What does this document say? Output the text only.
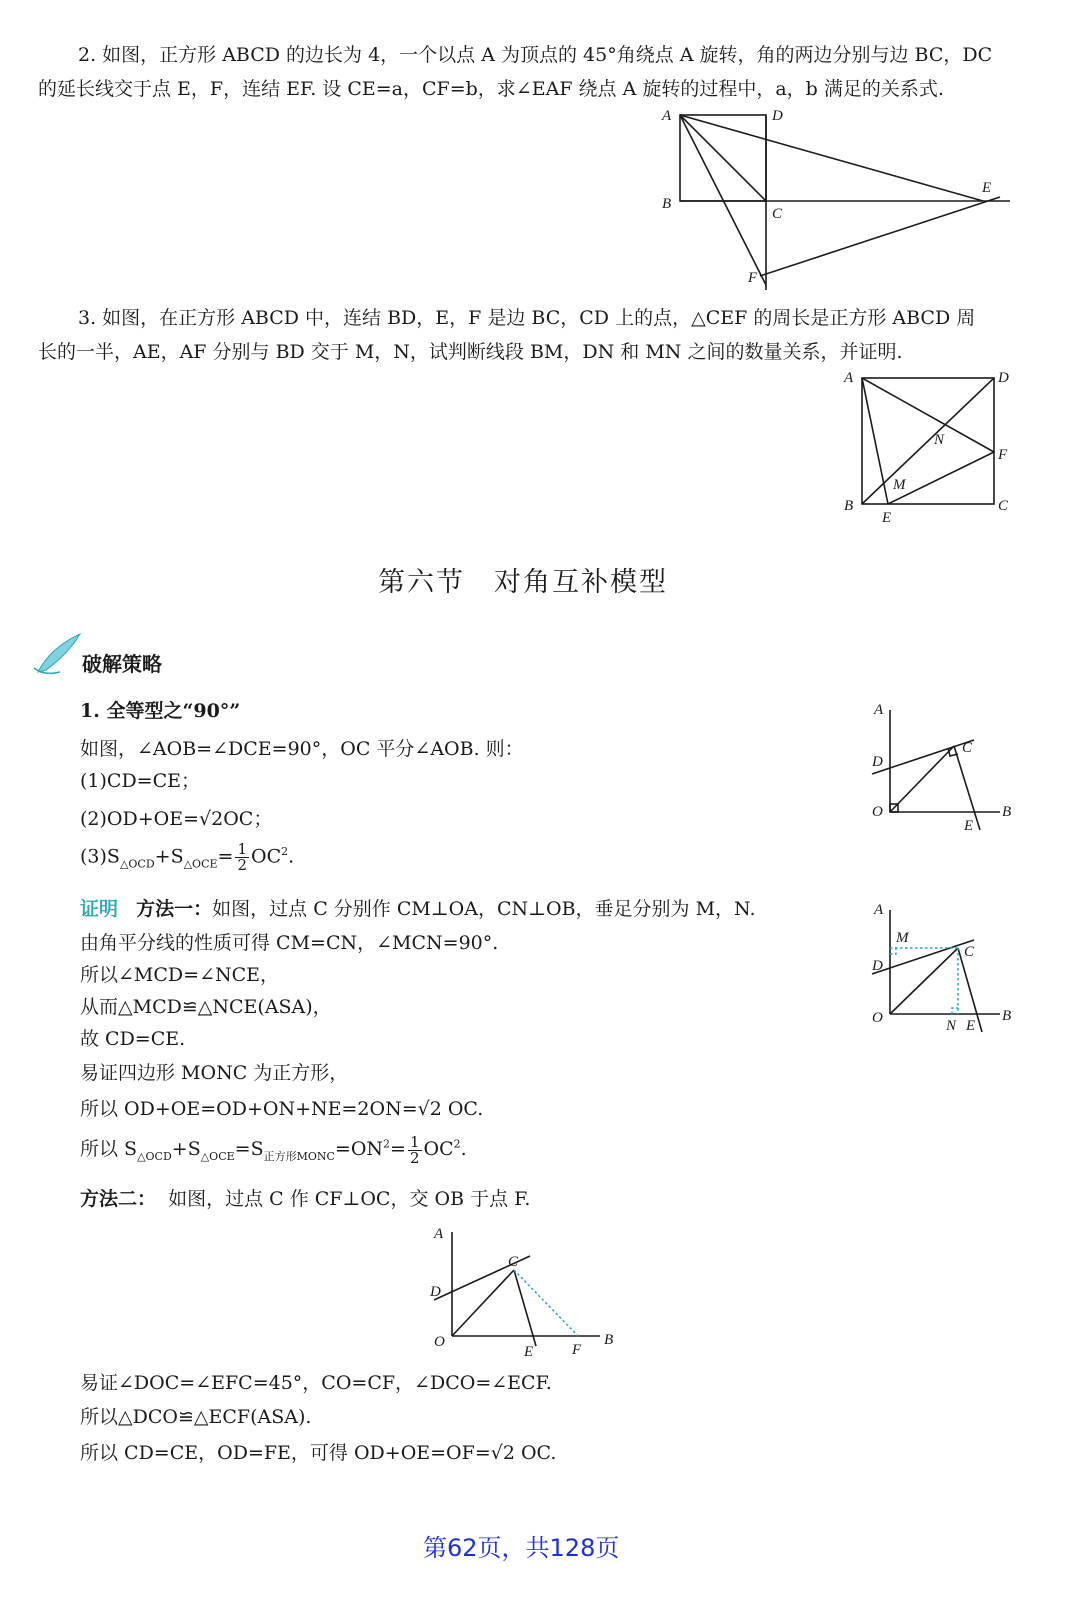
2. 如图，正方形 ABCD 的边长为 4，一个以点 A 为顶点的 45°角绕点 A 旋转，角的两边分别与边 BC，DC
的延长线交于点 E，F，连结 EF. 设 CE=a，CF=b，求∠EAF 绕点 A 旋转的过程中，a，b 满足的关系式.
A	D
B
C
E
F
3. 如图，在正方形 ABCD 中，连结 BD，E，F 是边 BC，CD 上的点，△CEF 的周长是正方形 ABCD 周
长的一半，AE，AF 分别与 BD 交于 M，N，试判断线段 BM，DN 和 MN 之间的数量关系，并证明.
A	D
B	C
E
F
M
N
第六节　对角互补模型
破解策略
1. 全等型之“90°”
如图，∠AOB=∠DCE=90°，OC 平分∠AOB. 则：
(1)CD=CE；
(2)OD+OE=√2OC；
$(3)S_{\triangle OCD}+S_{\triangle OCE}= \frac{1}{2} OC^2$.
A
D
C
O	B
E
证明 方法一：如图，过点 C 分别作 CM⊥OA，CN⊥OB，垂足分别为 M，N.
由角平分线的性质可得 CM=CN，∠MCN=90°.
所以∠MCD=∠NCE，
从而△MCD≌△NCE(ASA)，
故 CD=CE.
易证四边形 MONC 为正方形，
所以 OD+OE=OD+ON+NE=2ON=√2 OC.
所以 $S_{\triangle OCD}+S_{\triangle OCE}=S_{正方形MONC}=ON^2= \frac{1}{2} OC^2$.
A
M
D
C
O	N E
B
方法二： 如图，过点 C 作 CF⊥OC，交 OB 于点 F.
A
C
D
O
E	F
B
易证∠DOC=∠EFC=45°，CO=CF，∠DCO=∠ECF.
所以△DCO≌△ECF(ASA).
所以 CD=CE，OD=FE，可得 OD+OE=OF=√2 OC.
第62页，共128页
